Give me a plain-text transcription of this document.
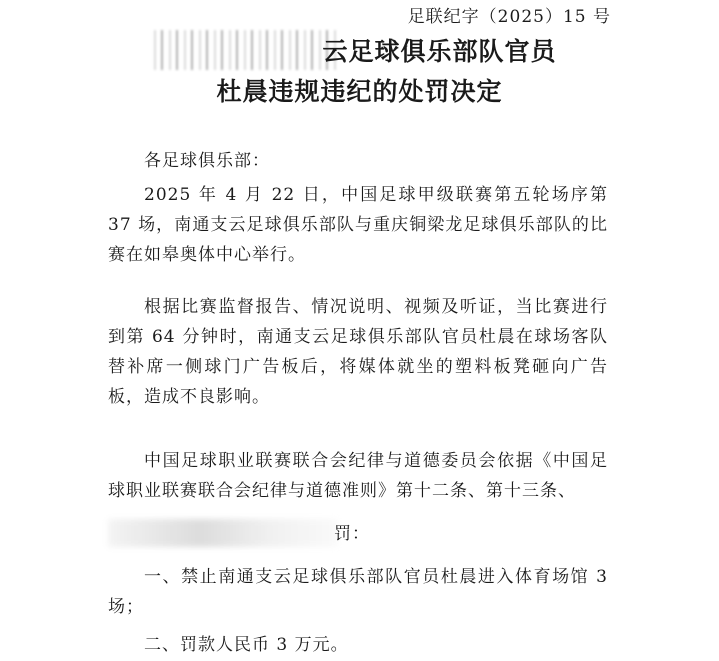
足联纪字（2025）15 号
云足球俱乐部队官员
杜晨违规违纪的处罚决定

各足球俱乐部：

2025 年 4 月 22 日，中国足球甲级联赛第五轮场序第 37 场，南通支云足球俱乐部队与重庆铜梁龙足球俱乐部队的比赛在如皋奥体中心举行。

根据比赛监督报告、情况说明、视频及听证，当比赛进行到第 64 分钟时，南通支云足球俱乐部队官员杜晨在球场客队替补席一侧球门广告板后，将媒体就坐的塑料板凳砸向广告板，造成不良影响。

中国足球职业联赛联合会纪律与道德委员会依据《中国足球职业联赛联合会纪律与道德准则》第十二条、第十三条、

罚：

一、禁止南通支云足球俱乐部队官员杜晨进入体育场馆 3 场；

二、罚款人民币 3 万元。
